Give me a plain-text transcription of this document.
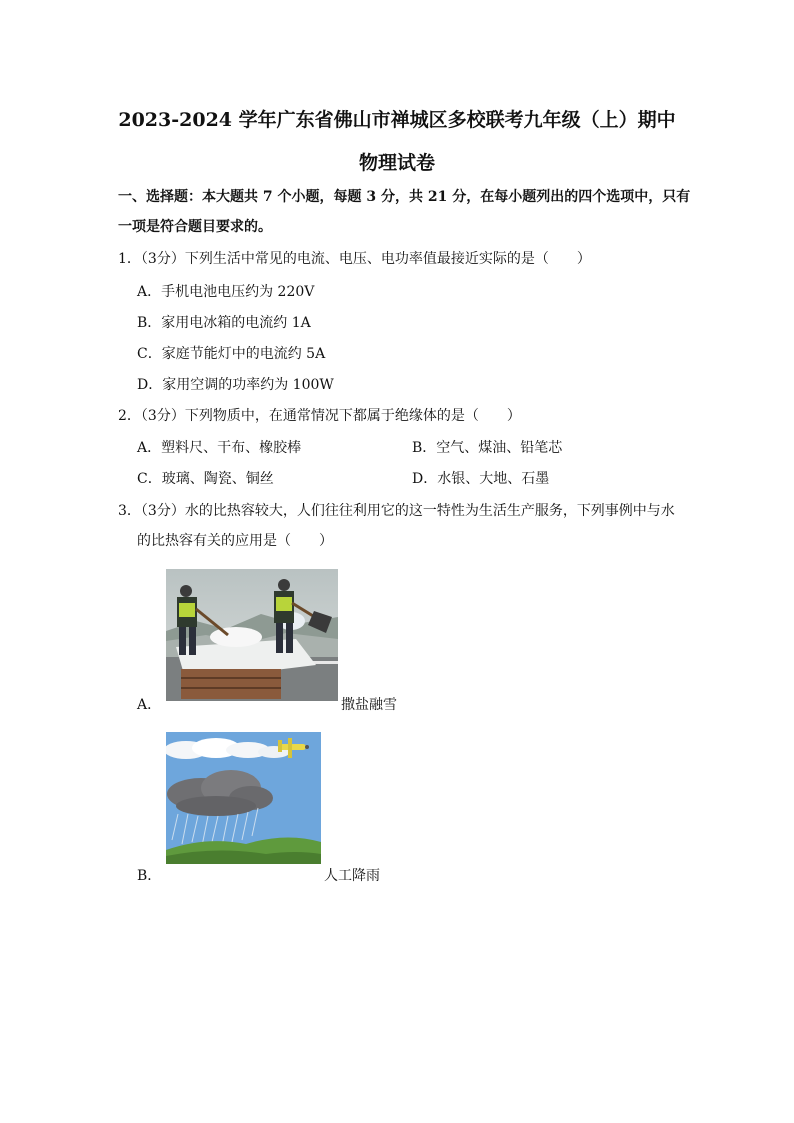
2023-2024 学年广东省佛山市禅城区多校联考九年级（上）期中
物理试卷
一、选择题：本大题共 7 个小题，每题 3 分，共 21 分，在每小题列出的四个选项中，只有
一项是符合题目要求的。
1．（3分）下列生活中常见的电流、电压、电功率值最接近实际的是（　　）
A．手机电池电压约为 220V
B．家用电冰箱的电流约 1A
C．家庭节能灯中的电流约 5A
D．家用空调的功率约为 100W
2．（3分）下列物质中，在通常情况下都属于绝缘体的是（　　）
A．塑料尺、干布、橡胶棒	B．空气、煤油、铅笔芯
C．玻璃、陶瓷、铜丝	D．水银、大地、石墨
3．（3分）水的比热容较大，人们往往利用它的这一特性为生活生产服务，下列事例中与水
的比热容有关的应用是（　　）
A．	撒盐融雪
B．	人工降雨
